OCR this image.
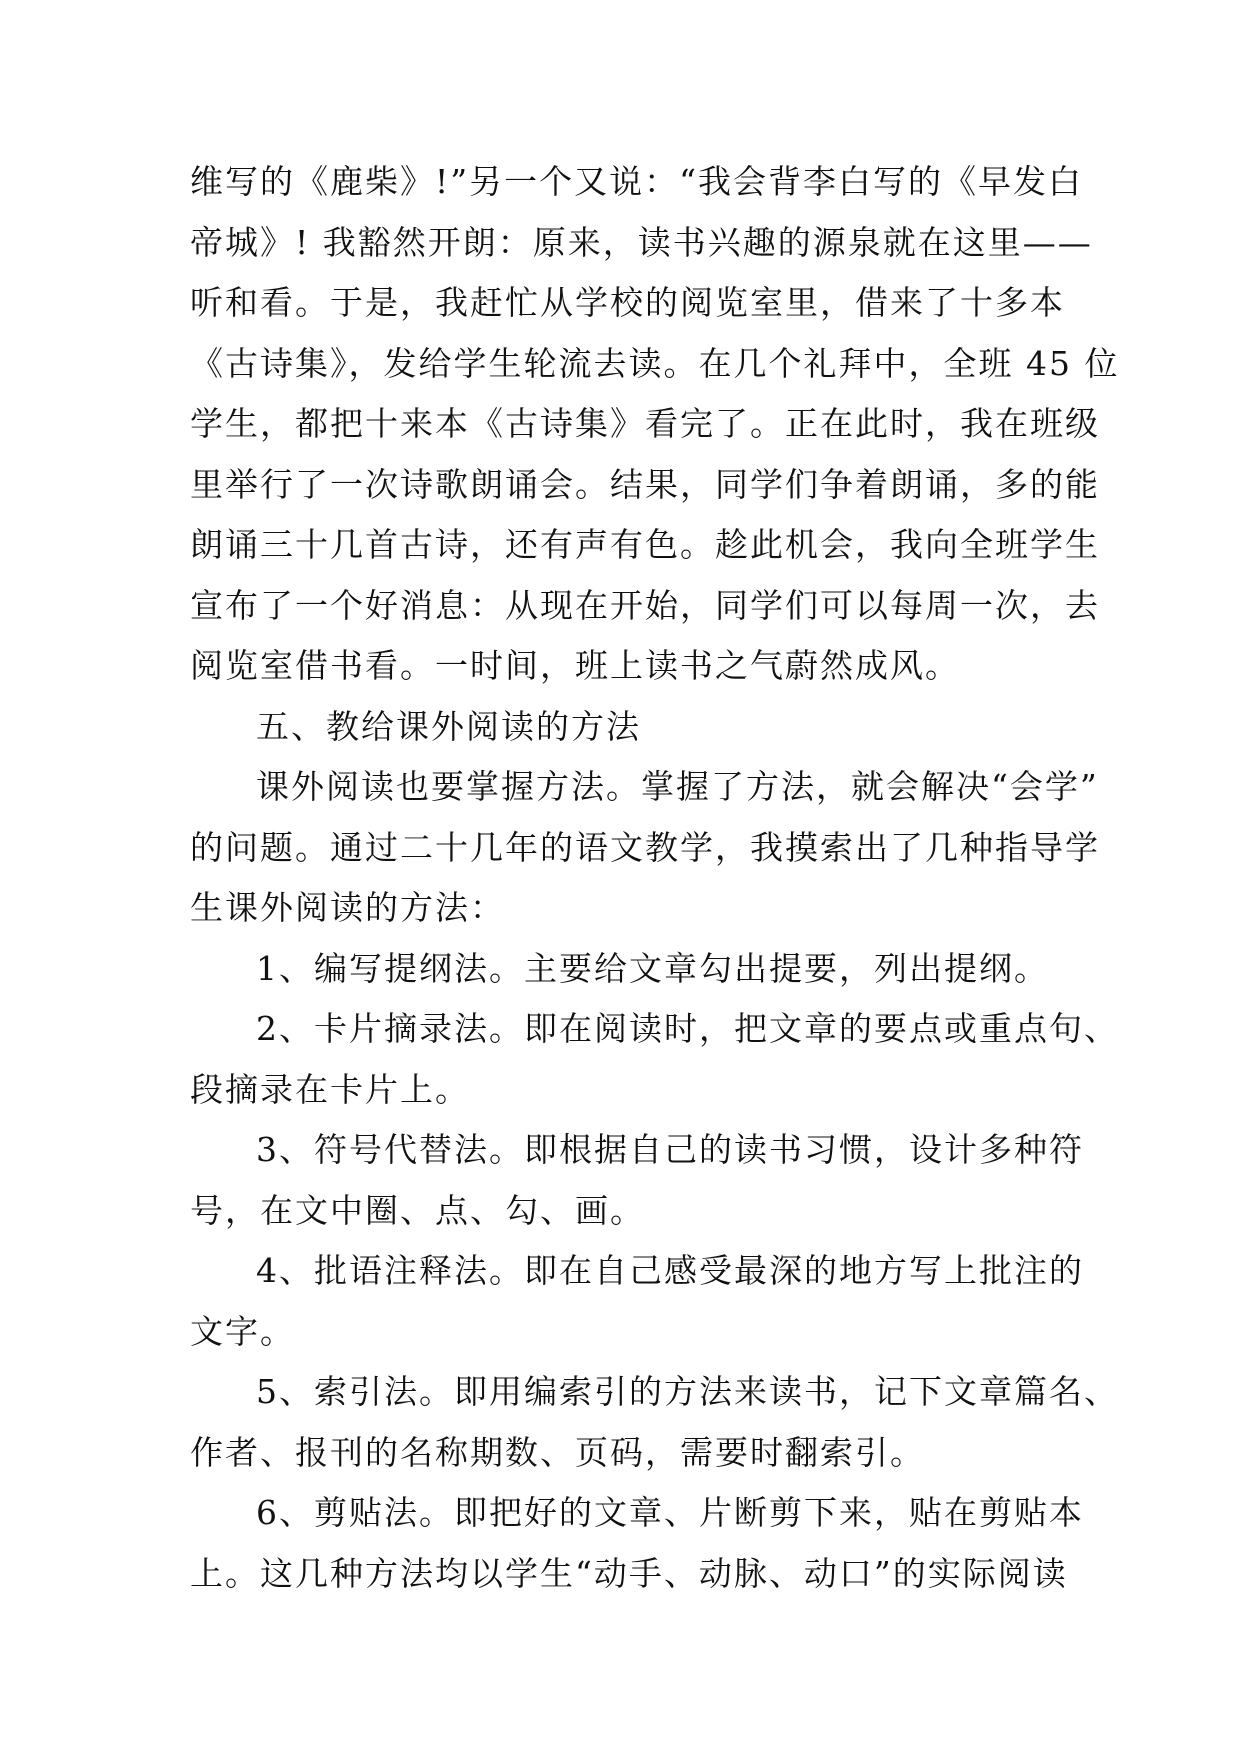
维写的《鹿柴》!”另一个又说：“我会背李白写的《早发白
帝城》! 我豁然开朗：原来，读书兴趣的源泉就在这里——
听和看。于是，我赶忙从学校的阅览室里，借来了十多本
《古诗集》，发给学生轮流去读。在几个礼拜中，全班 45 位
学生，都把十来本《古诗集》看完了。正在此时，我在班级
里举行了一次诗歌朗诵会。结果，同学们争着朗诵，多的能
朗诵三十几首古诗，还有声有色。趁此机会，我向全班学生
宣布了一个好消息：从现在开始，同学们可以每周一次，去
阅览室借书看。一时间，班上读书之气蔚然成风。
五、教给课外阅读的方法
课外阅读也要掌握方法。掌握了方法，就会解决“会学”
的问题。通过二十几年的语文教学，我摸索出了几种指导学
生课外阅读的方法：
1、编写提纲法。主要给文章勾出提要，列出提纲。
2、卡片摘录法。即在阅读时，把文章的要点或重点句、
段摘录在卡片上。
3、符号代替法。即根据自己的读书习惯，设计多种符
号，在文中圈、点、勾、画。
4、批语注释法。即在自己感受最深的地方写上批注的
文字。
5、索引法。即用编索引的方法来读书，记下文章篇名、
作者、报刊的名称期数、页码，需要时翻索引。
6、剪贴法。即把好的文章、片断剪下来，贴在剪贴本
上。这几种方法均以学生“动手、动脉、动口”的实际阅读
